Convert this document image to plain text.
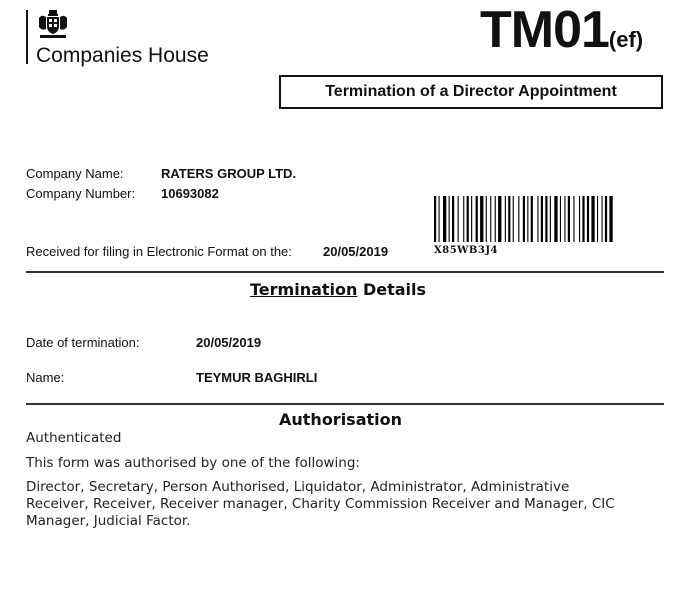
Companies House	TM01(ef)
Termination of a Director Appointment
Company Name:	RATERS GROUP LTD.
Company Number: 10693082
Received for filing in Electronic Format on the: 20/05/2019	X85WB3J4
Termination Details
Date of termination:	20/05/2019
Name:	TEYMUR BAGHIRLI
Authorisation
Authenticated
This form was authorised by one of the following:
Director, Secretary, Person Authorised, Liquidator, Administrator, Administrative
Receiver, Receiver, Receiver manager, Charity Commission Receiver and Manager, CIC
Manager, Judicial Factor.
